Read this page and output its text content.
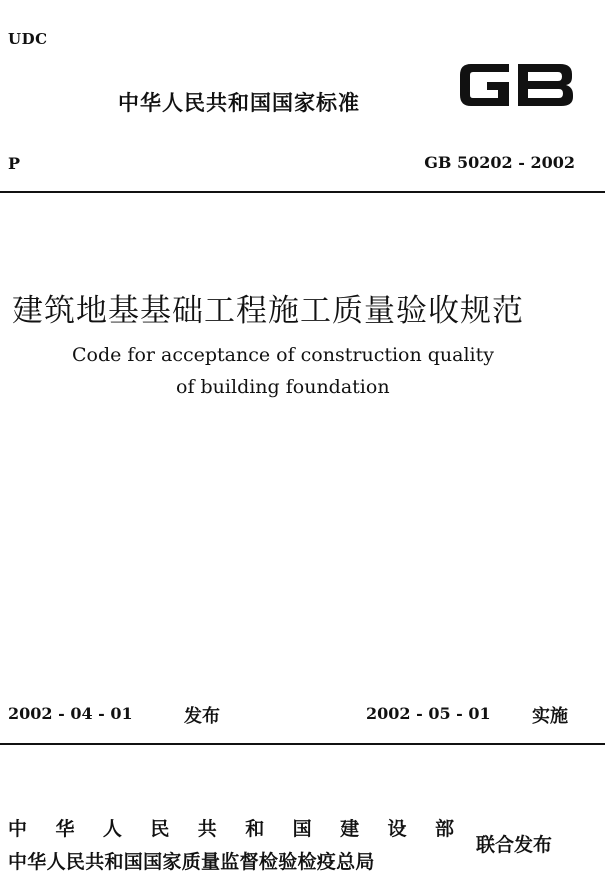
UDC
中华人民共和国国家标准
P	GB 50202 - 2002
建筑地基基础工程施工质量验收规范
Code for acceptance of construction quality
of building foundation
2002 - 04 - 01	发布	2002 - 05 - 01 实施
中 华 人 民 共 和 国 建 设 部
中华人民共和国国家质量监督检验检疫总局
联合发布
